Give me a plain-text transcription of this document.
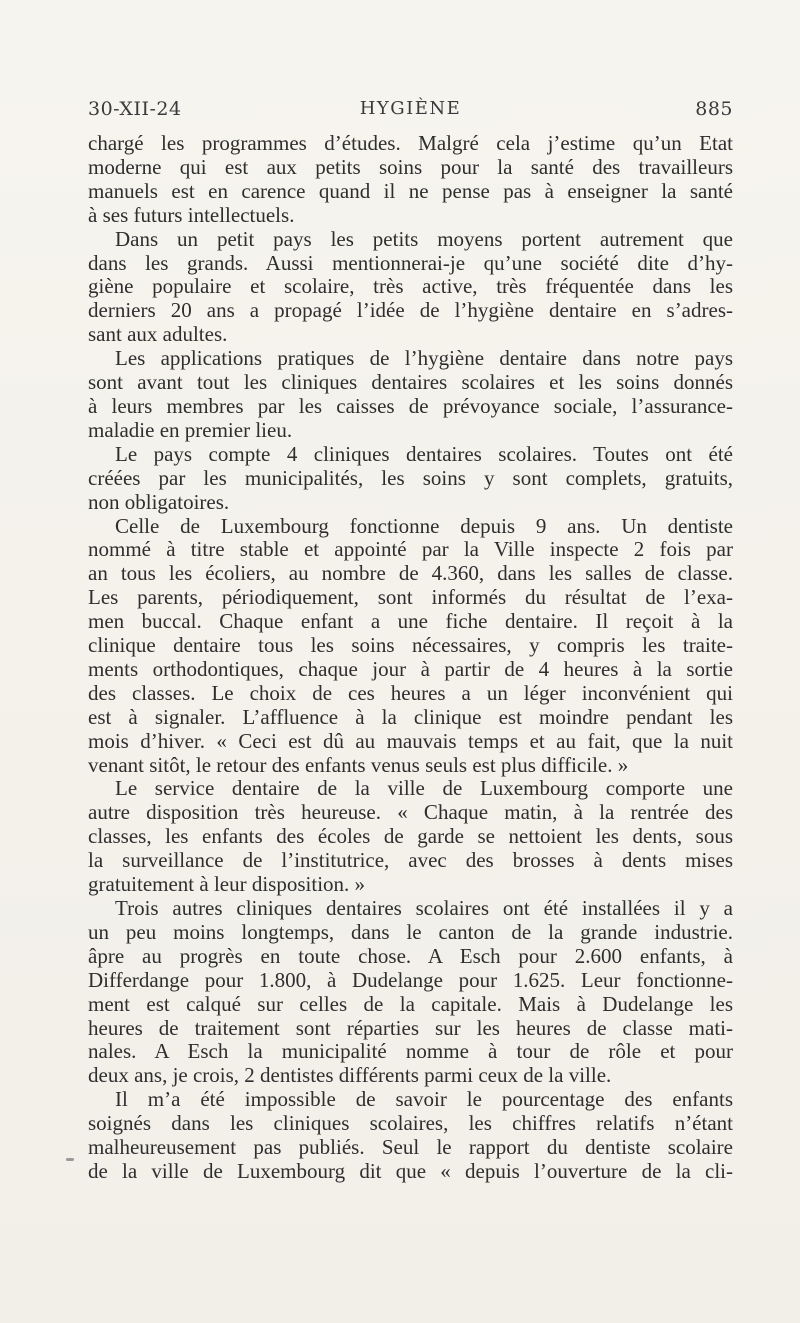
30-XII-24	HYGIÈNE	885

chargé les programmes d’études. Malgré cela j’estime qu’un Etat

moderne qui est aux petits soins pour la santé des travailleurs

manuels est en carence quand il ne pense pas à enseigner la santé

à ses futurs intellectuels.

Dans un petit pays les petits moyens portent autrement que

dans les grands. Aussi mentionnerai-je qu’une société dite d’hy-

giène populaire et scolaire, très active, très fréquentée dans les

derniers 20 ans a propagé l’idée de l’hygiène dentaire en s’adres-

sant aux adultes.

Les applications pratiques de l’hygiène dentaire dans notre pays

sont avant tout les cliniques dentaires scolaires et les soins donnés

à leurs membres par les caisses de prévoyance sociale, l’assurance-

maladie en premier lieu.

Le pays compte 4 cliniques dentaires scolaires. Toutes ont été

créées par les municipalités, les soins y sont complets, gratuits,

non obligatoires.

Celle de Luxembourg fonctionne depuis 9 ans. Un dentiste

nommé à titre stable et appointé par la Ville inspecte 2 fois par

an tous les écoliers, au nombre de 4.360, dans les salles de classe.

Les parents, périodiquement, sont informés du résultat de l’exa-

men buccal. Chaque enfant a une fiche dentaire. Il reçoit à la

clinique dentaire tous les soins nécessaires, y compris les traite-

ments orthodontiques, chaque jour à partir de 4 heures à la sortie

des classes. Le choix de ces heures a un léger inconvénient qui

est à signaler. L’affluence à la clinique est moindre pendant les

mois d’hiver. « Ceci est dû au mauvais temps et au fait, que la nuit

venant sitôt, le retour des enfants venus seuls est plus difficile. »

Le service dentaire de la ville de Luxembourg comporte une

autre disposition très heureuse. « Chaque matin, à la rentrée des

classes, les enfants des écoles de garde se nettoient les dents, sous

la surveillance de l’institutrice, avec des brosses à dents mises

gratuitement à leur disposition. »

Trois autres cliniques dentaires scolaires ont été installées il y a

un peu moins longtemps, dans le canton de la grande industrie.

âpre au progrès en toute chose. A Esch pour 2.600 enfants, à

Differdange pour 1.800, à Dudelange pour 1.625. Leur fonctionne-

ment est calqué sur celles de la capitale. Mais à Dudelange les

heures de traitement sont réparties sur les heures de classe mati-

nales. A Esch la municipalité nomme à tour de rôle et pour

deux ans, je crois, 2 dentistes différents parmi ceux de la ville.

Il m’a été impossible de savoir le pourcentage des enfants

soignés dans les cliniques scolaires, les chiffres relatifs n’étant

malheureusement pas publiés. Seul le rapport du dentiste scolaire

de la ville de Luxembourg dit que « depuis l’ouverture de la cli-
